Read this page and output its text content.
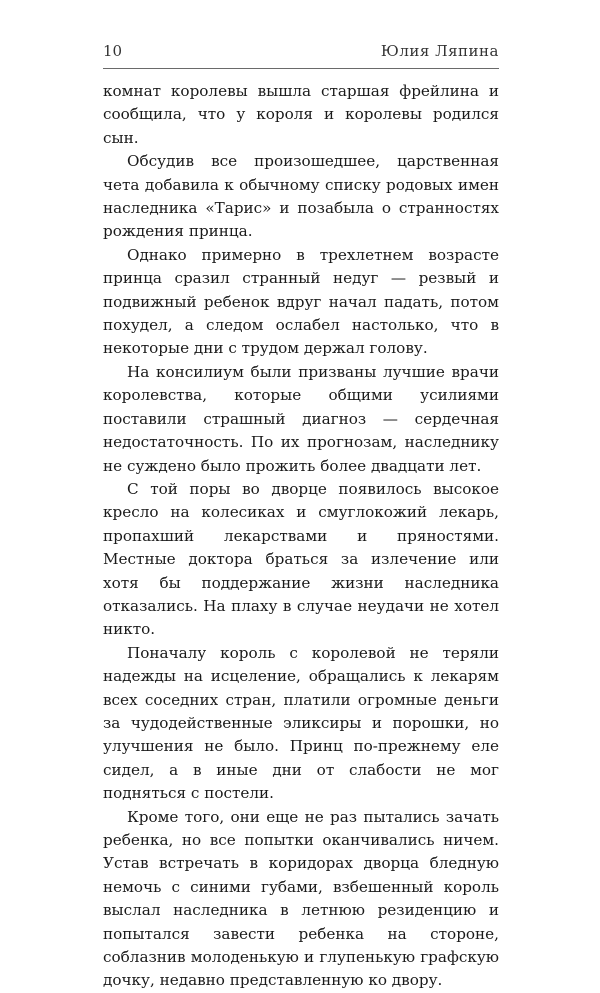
10	Юлия Ляпина

комнат королевы вышла старшая фрейлина и сообщила, что у короля и королевы родился сын.

Обсудив все произошедшее, царственная чета добавила к обычному списку родовых имен наследника «Тарис» и позабыла о странностях рождения принца.

Однако примерно в трехлетнем возрасте принца сразил странный недуг — резвый и подвижный ребенок вдруг начал падать, потом похудел, а следом ослабел настолько, что в некоторые дни с трудом держал голову.

На консилиум были призваны лучшие врачи королевства, которые общими усилиями поставили страшный диагноз — сердечная недостаточность. По их прогнозам, наследнику не суждено было прожить более двадцати лет.

С той поры во дворце появилось высокое кресло на колесиках и смуглокожий лекарь, пропахший лекарствами и пряностями. Местные доктора браться за излечение или хотя бы поддержание жизни наследника отказались. На плаху в случае неудачи не хотел никто.

Поначалу король с королевой не теряли надежды на исцеление, обращались к лекарям всех соседних стран, платили огромные деньги за чудодейственные эликсиры и порошки, но улучшения не было. Принц по-прежнему еле сидел, а в иные дни от слабости не мог подняться с постели.

Кроме того, они еще не раз пытались зачать ребенка, но все попытки оканчивались ничем. Устав встречать в коридорах дворца бледную немочь с синими губами, взбешенный король выслал наследника в летнюю резиденцию и попытался завести ребенка на стороне, соблазнив молоденькую и глупенькую графскую дочку, недавно представленную ко двору.
